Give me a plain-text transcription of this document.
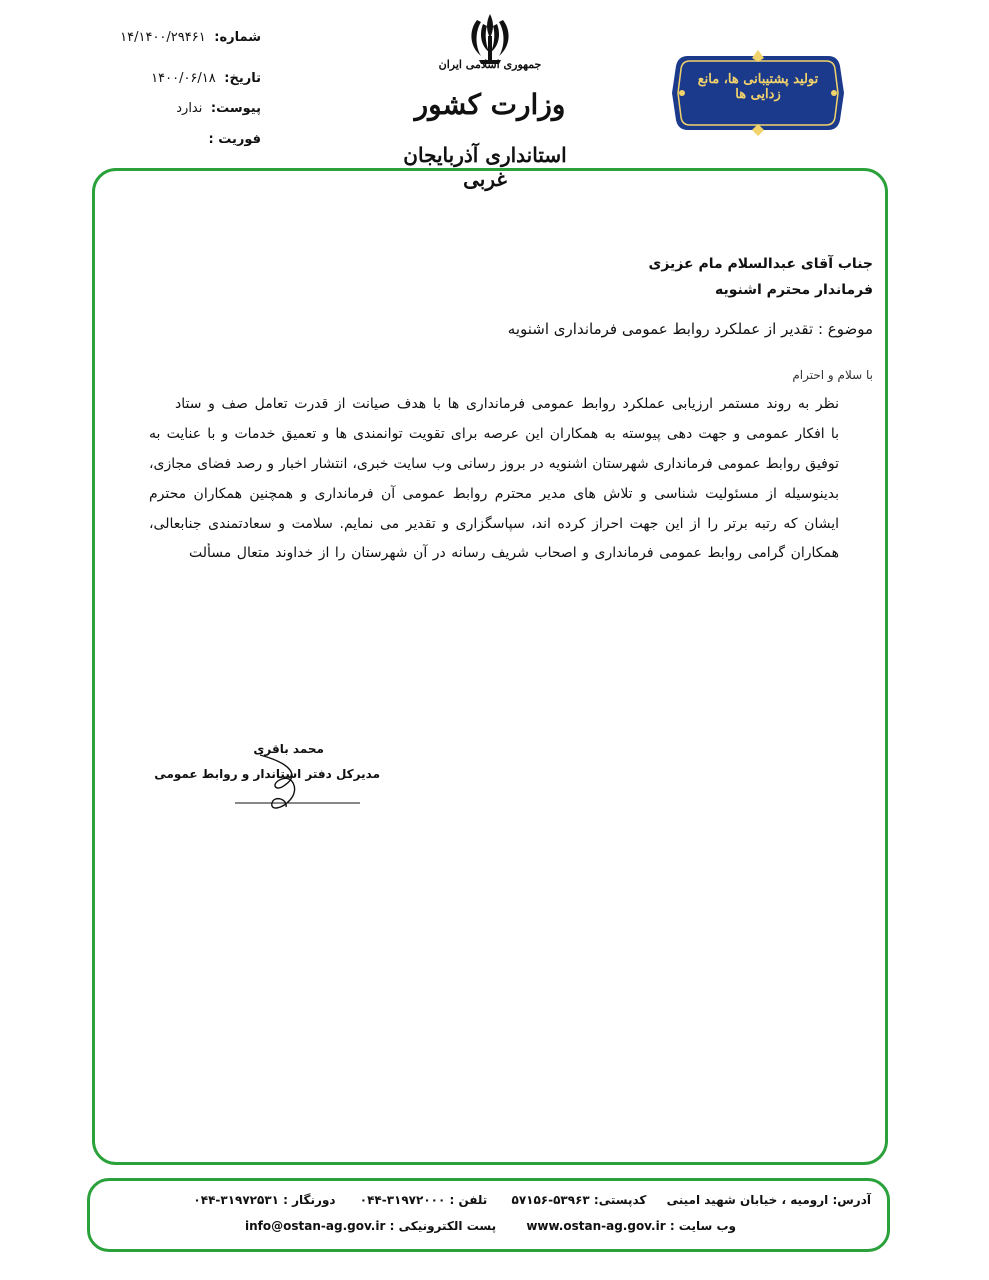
شماره: ۱۴/۱۴۰۰/۲۹۴۶۱
تاریخ: ۱۴۰۰/۰۶/۱۸
پیوست: ندارد
فوریت :
جمهوری اسلامی ایران
وزارت کشور
استانداری آذربایجان غربی
تولید پشتیبانی ها، مانع زدایی ها
جناب آقای عبدالسلام مام عزیزی
فرماندار محترم اشنویه
موضوع : تقدیر از عملکرد روابط عمومی فرمانداری اشنویه
با سلام و احترام
نظر به روند مستمر ارزیابی عملکرد روابط عمومی فرمانداری ها با هدف صیانت از قدرت تعامل صف و ستاد
با افکار عمومی و جهت دهی پیوسته به همکاران این عرصه برای تقویت توانمندی ها و تعمیق خدمات و با عنایت به
توفیق روابط عمومی فرمانداری شهرستان اشنویه در بروز رسانی وب سایت خبری، انتشار اخبار و رصد فضای مجازی،
بدینوسیله از مسئولیت شناسی و تلاش های مدیر محترم روابط عمومی آن فرمانداری و همچنین همکاران محترم
ایشان که رتبه برتر را از این جهت احراز کرده اند، سپاسگزاری و تقدیر می نمایم. سلامت و سعادتمندی جنابعالی،
همکاران گرامی روابط عمومی فرمانداری و اصحاب شریف رسانه در آن شهرستان را از خداوند متعال مسألت
محمد باقری
مدیرکل دفتر استاندار و روابط عمومی
آدرس: ارومیه ، خیابان شهید امینی کدپستی: ۵۷۱۵۶-۵۳۹۶۳ تلفن : ۰۴۴-۳۱۹۷۲۰۰۰ دورنگار : ۰۴۴-۳۱۹۷۲۵۳۱
وب سایت : www.ostan-ag.gov.ir پست الکترونیکی : info@ostan-ag.gov.ir
